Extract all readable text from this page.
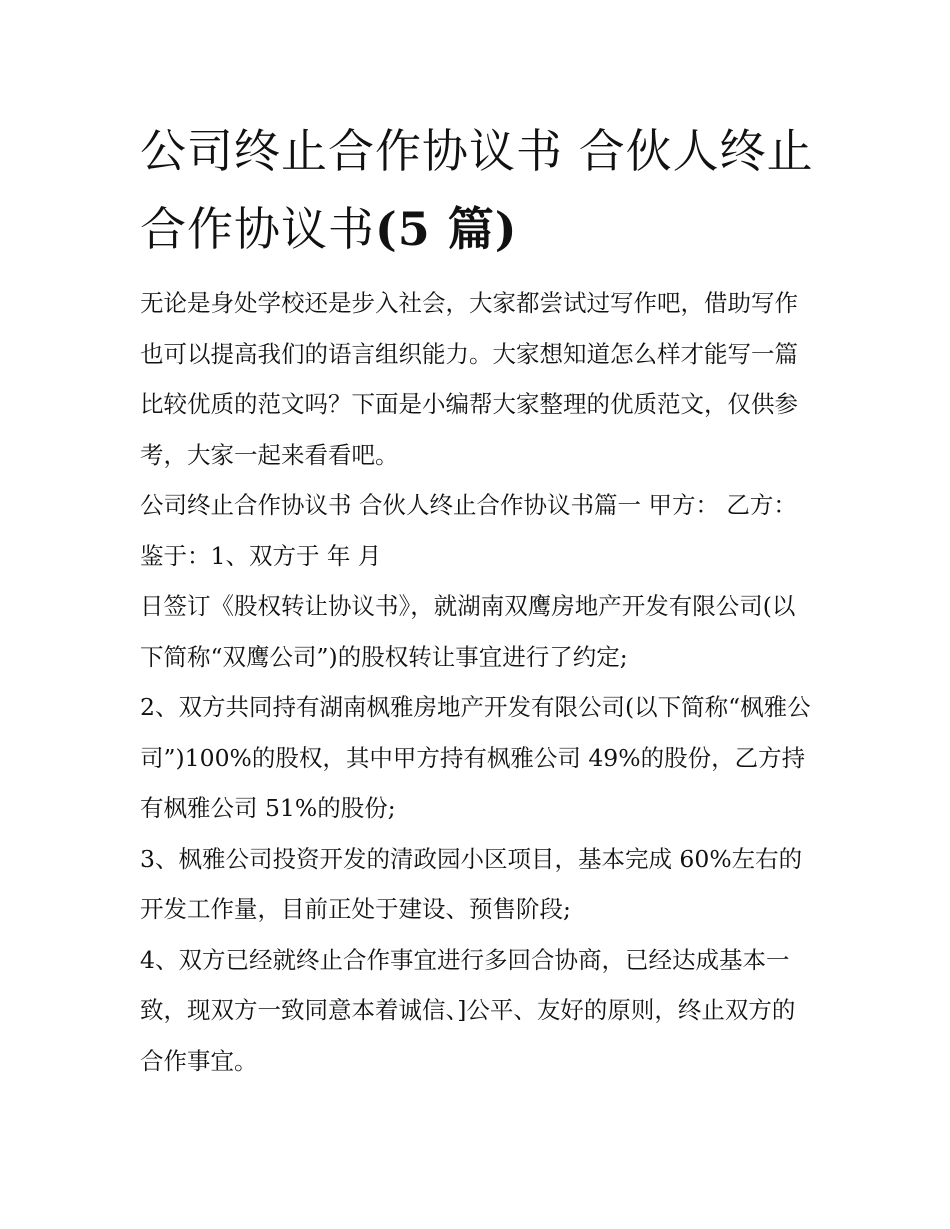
公司终止合作协议书 合伙人终止合作协议书(5 篇)

无论是身处学校还是步入社会，大家都尝试过写作吧，借助写作也可以提高我们的语言组织能力。大家想知道怎么样才能写一篇比较优质的范文吗？下面是小编帮大家整理的优质范文，仅供参考，大家一起来看看吧。

公司终止合作协议书 合伙人终止合作协议书篇一 甲方： 乙方： 鉴于：1、双方于 年 月

日签订《股权转让协议书》，就湖南双鹰房地产开发有限公司(以下简称“双鹰公司”)的股权转让事宜进行了约定;

2、双方共同持有湖南枫雅房地产开发有限公司(以下简称“枫雅公司”)100%的股权，其中甲方持有枫雅公司 49%的股份，乙方持有枫雅公司 51%的股份;

3、枫雅公司投资开发的清政园小区项目，基本完成 60%左右的开发工作量，目前正处于建设、预售阶段;

4、双方已经就终止合作事宜进行多回合协商，已经达成基本一致，现双方一致同意本着诚信、]公平、友好的原则，终止双方的合作事宜。
